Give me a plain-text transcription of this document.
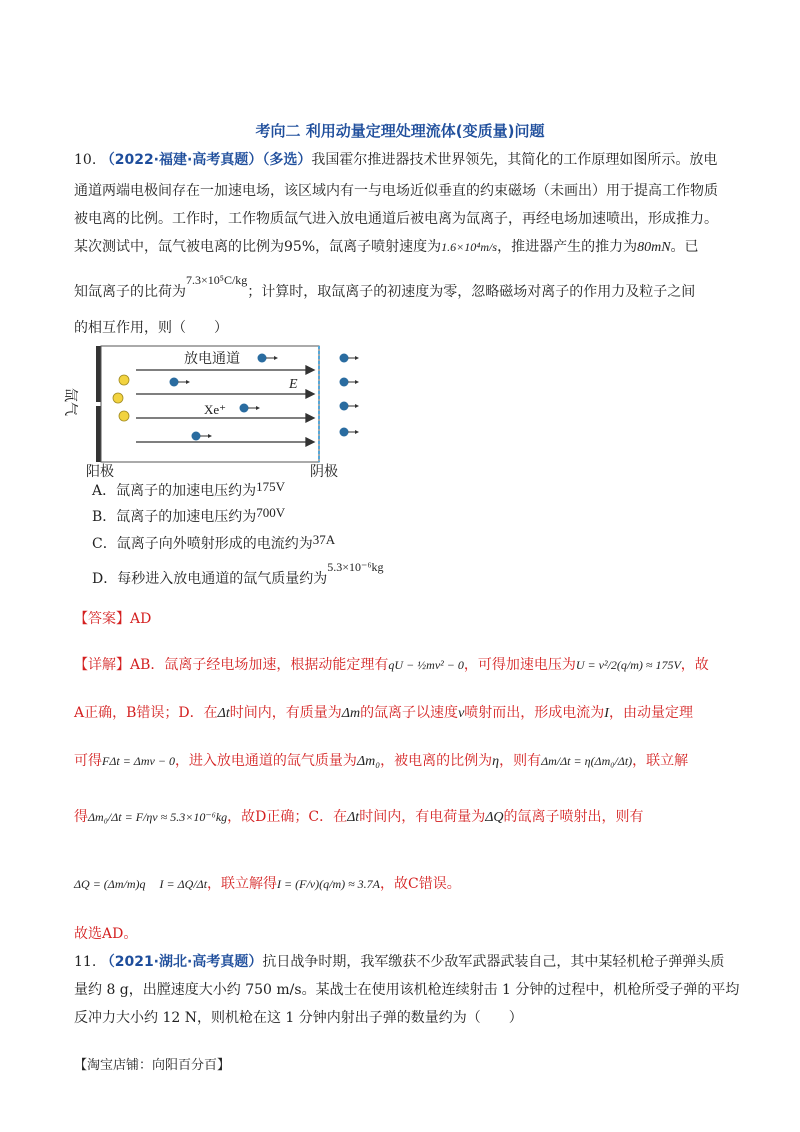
考向二 利用动量定理处理流体(变质量)问题
10. （2022·福建·高考真题）（多选）我国霍尔推进器技术世界领先，其简化的工作原理如图所示。放电
通道两端电极间存在一加速电场，该区域内有一与电场近似垂直的约束磁场（未画出）用于提高工作物质
被电离的比例。工作时，工作物质氙气进入放电通道后被电离为氙离子，再经电场加速喷出，形成推力。
某次测试中，氙气被电离的比例为95%，氙离子喷射速度为1.6×10⁴m/s，推进器产生的推力为80mN。已
知氙离子的比荷为7.3×10⁵C/kg；计算时，取氙离子的初速度为零，忽略磁场对离子的作用力及粒子之间
的相互作用，则（　　）
放电通道
E
Xe⁺
氙气
阳极	阴极
A．氙离子的加速电压约为175V
B．氙离子的加速电压约为700V
C．氙离子向外喷射形成的电流约为37A
D．每秒进入放电通道的氙气质量约为5.3×10⁻⁶kg
【答案】AD
【详解】AB．氙离子经电场加速，根据动能定理有qU − ½mv² − 0，可得加速电压为U = v²/2(q/m) ≈ 175V，故
A正确，B错误；D．在Δt时间内，有质量为Δm的氙离子以速度v喷射而出，形成电流为I，由动量定理
可得FΔt = Δmv − 0，进入放电通道的氙气质量为Δm₀，被电离的比例为η，则有Δm/Δt = η(Δm₀/Δt)，联立解
得Δm₀/Δt = F/ηv ≈ 5.3×10⁻⁶kg，故D正确；C．在Δt时间内，有电荷量为ΔQ的氙离子喷射出，则有
ΔQ = (Δm/m)q　 I = ΔQ/Δt，联立解得I = (F/v)(q/m) ≈ 3.7A，故C错误。
故选AD。
11. （2021·湖北·高考真题）抗日战争时期，我军缴获不少敌军武器武装自己，其中某轻机枪子弹弹头质
量约 8 g，出膛速度大小约 750 m/s。某战士在使用该机枪连续射击 1 分钟的过程中，机枪所受子弹的平均
反冲力大小约 12 N，则机枪在这 1 分钟内射出子弹的数量约为（　　）
【淘宝店铺：向阳百分百】
